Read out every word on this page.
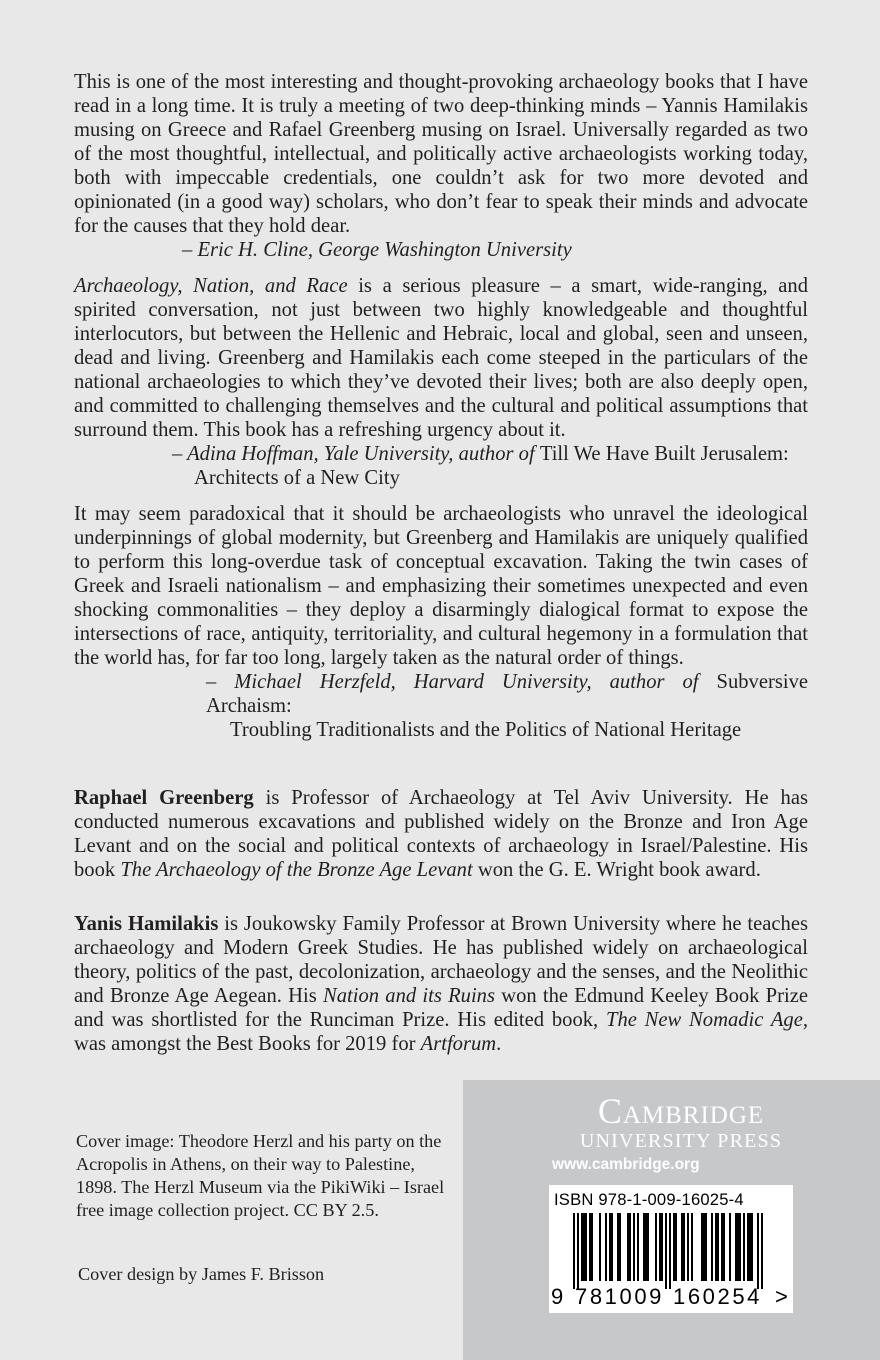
This is one of the most interesting and thought-provoking archaeology books that I have read in a long time. It is truly a meeting of two deep-thinking minds – Yannis Hamilakis musing on Greece and Rafael Greenberg musing on Israel. Universally regarded as two of the most thoughtful, intellectual, and politically active archaeologists working today, both with impeccable credentials, one couldn’t ask for two more devoted and opinionated (in a good way) scholars, who don’t fear to speak their minds and advocate for the causes that they hold dear.

– Eric H. Cline, George Washington University

Archaeology, Nation, and Race is a serious pleasure – a smart, wide-ranging, and spirited conversation, not just between two highly knowledgeable and thoughtful interlocutors, but between the Hellenic and Hebraic, local and global, seen and unseen, dead and living. Greenberg and Hamilakis each come steeped in the particulars of the national archaeologies to which they’ve devoted their lives; both are also deeply open, and committed to challenging themselves and the cultural and political assumptions that surround them. This book has a refreshing urgency about it.

– Adina Hoffman, Yale University, author of Till We Have Built Jerusalem:
Architects of a New City

It may seem paradoxical that it should be archaeologists who unravel the ideological underpinnings of global modernity, but Greenberg and Hamilakis are uniquely qualified to perform this long-overdue task of conceptual excavation. Taking the twin cases of Greek and Israeli nationalism – and emphasizing their sometimes unexpected and even shocking commonalities – they deploy a disarmingly dialogical format to expose the intersections of race, antiquity, territoriality, and cultural hegemony in a formulation that the world has, for far too long, largely taken as the natural order of things.

– Michael Herzfeld, Harvard University, author of Subversive Archaism:
Troubling Traditionalists and the Politics of National Heritage

Raphael Greenberg is Professor of Archaeology at Tel Aviv University. He has conducted numerous excavations and published widely on the Bronze and Iron Age Levant and on the social and political contexts of archaeology in Israel/Palestine. His book The Archaeology of the Bronze Age Levant won the G. E. Wright book award.

Yanis Hamilakis is Joukowsky Family Professor at Brown University where he teaches archaeology and Modern Greek Studies. He has published widely on archaeological theory, politics of the past, decolonization, archaeology and the senses, and the Neolithic and Bronze Age Aegean. His Nation and its Ruins won the Edmund Keeley Book Prize and was shortlisted for the Runciman Prize. His edited book, The New Nomadic Age, was amongst the Best Books for 2019 for Artforum.

Cover image: Theodore Herzl and his party on the Acropolis in Athens, on their way to Palestine, 1898. The Herzl Museum via the PikiWiki – Israel free image collection project. CC BY 2.5.

Cover design by James F. Brisson

Cambridge
UNIVERSITY PRESS
www.cambridge.org
ISBN 978-1-009-16025-4
9 781009 160254 >
